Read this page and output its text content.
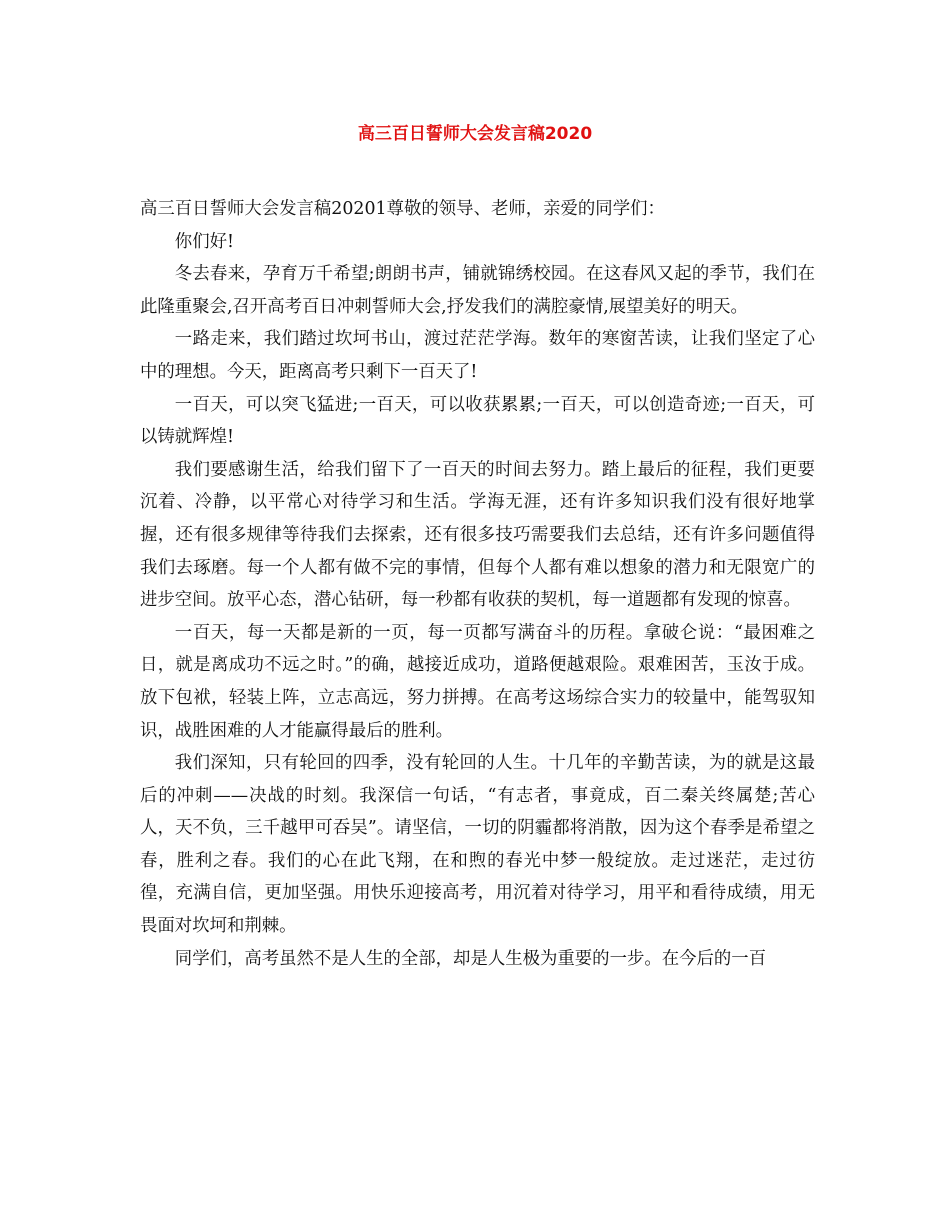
高三百日誓师大会发言稿2020

高三百日誓师大会发言稿20201尊敬的领导、老师，亲爱的同学们：

你们好!

冬去春来，孕育万千希望;朗朗书声，铺就锦绣校园。在这春风又起的季节，我们在此隆重聚会,召开高考百日冲刺誓师大会,抒发我们的满腔豪情,展望美好的明天。

一路走来，我们踏过坎坷书山，渡过茫茫学海。数年的寒窗苦读，让我们坚定了心中的理想。今天，距离高考只剩下一百天了!

一百天，可以突飞猛进;一百天，可以收获累累;一百天，可以创造奇迹;一百天，可以铸就辉煌!

我们要感谢生活，给我们留下了一百天的时间去努力。踏上最后的征程，我们更要沉着、冷静，以平常心对待学习和生活。学海无涯，还有许多知识我们没有很好地掌握，还有很多规律等待我们去探索，还有很多技巧需要我们去总结，还有许多问题值得我们去琢磨。每一个人都有做不完的事情，但每个人都有难以想象的潜力和无限宽广的进步空间。放平心态，潜心钻研，每一秒都有收获的契机，每一道题都有发现的惊喜。

一百天，每一天都是新的一页，每一页都写满奋斗的历程。拿破仑说：“最困难之日，就是离成功不远之时。”的确，越接近成功，道路便越艰险。艰难困苦，玉汝于成。放下包袱，轻装上阵，立志高远，努力拼搏。在高考这场综合实力的较量中，能驾驭知识，战胜困难的人才能赢得最后的胜利。

我们深知，只有轮回的四季，没有轮回的人生。十几年的辛勤苦读，为的就是这最后的冲刺——决战的时刻。我深信一句话，“有志者，事竟成，百二秦关终属楚;苦心人，天不负，三千越甲可吞吴”。请坚信，一切的阴霾都将消散，因为这个春季是希望之春，胜利之春。我们的心在此飞翔，在和煦的春光中梦一般绽放。走过迷茫，走过彷徨，充满自信，更加坚强。用快乐迎接高考，用沉着对待学习，用平和看待成绩，用无畏面对坎坷和荆棘。

同学们，高考虽然不是人生的全部，却是人生极为重要的一步。在今后的一百
